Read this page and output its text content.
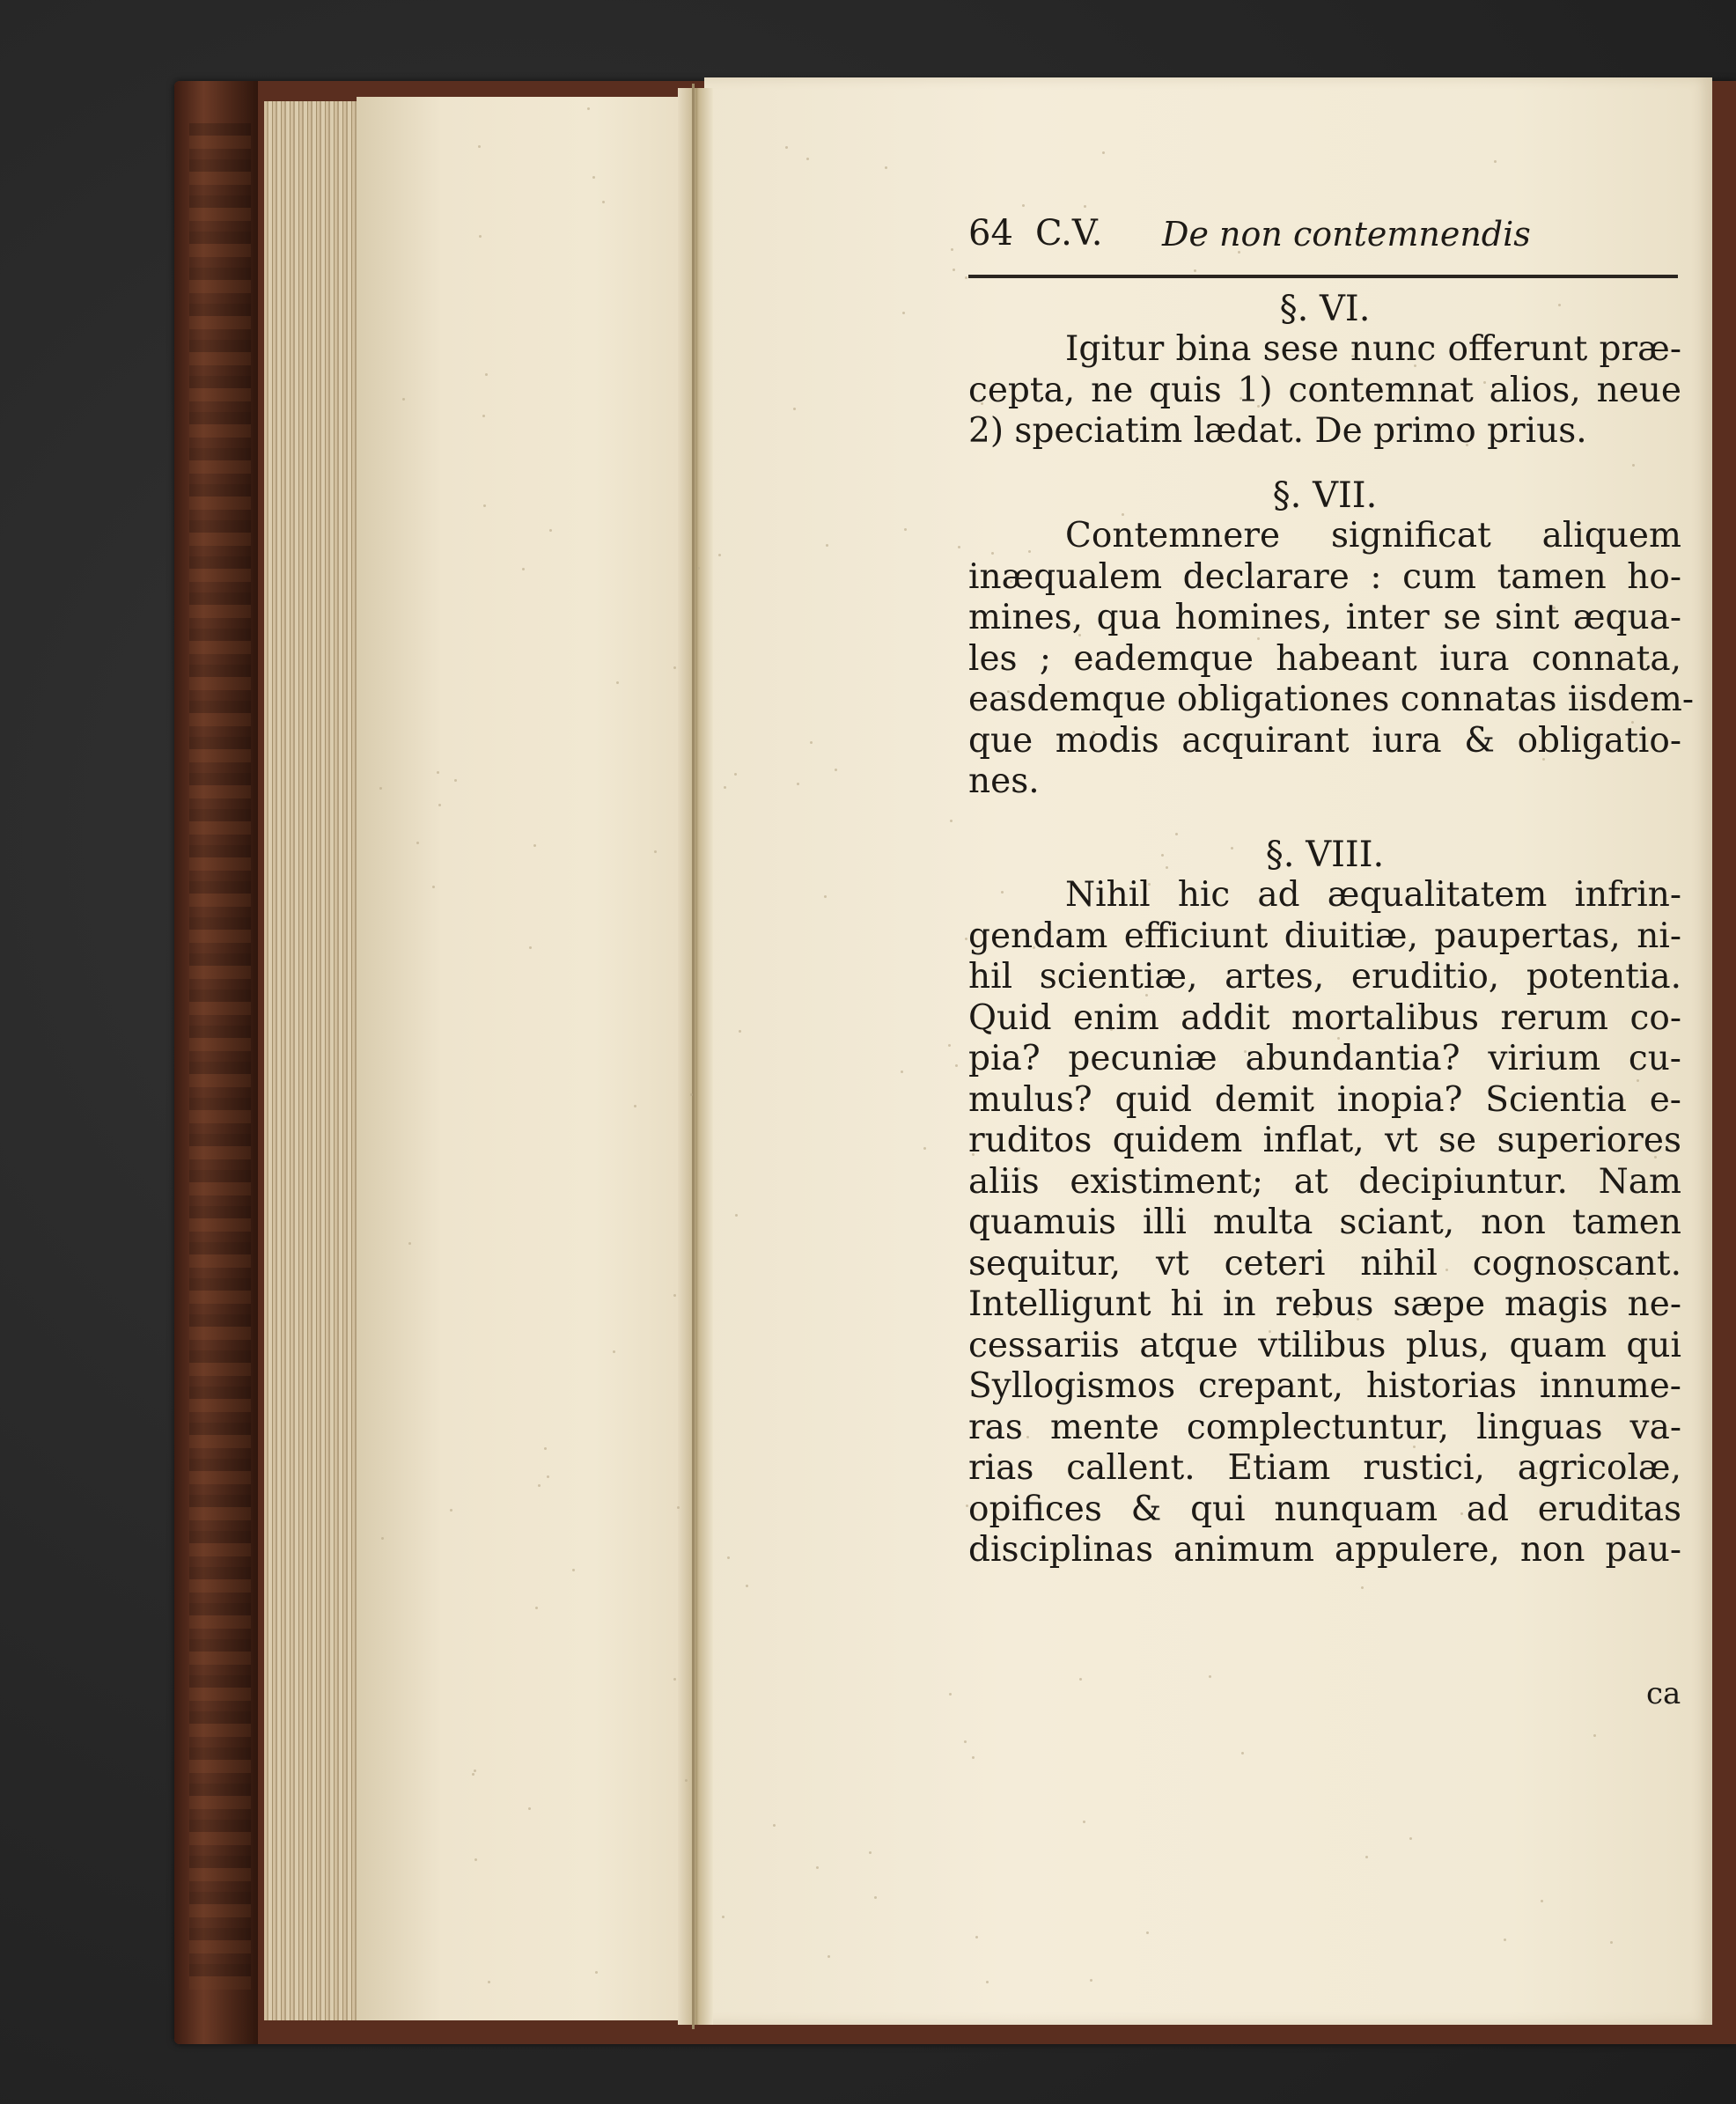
64 C.V. De non contemnendis
§. VI.
Igitur bina sese nunc offerunt præ-
cepta, ne quis 1) contemnat alios, neue
2) speciatim lædat. De primo prius.
§. VII.
Contemnere significat aliquem
inæqualem declarare : cum tamen ho-
mines, qua homines, inter se sint æqua-
les ; eademque habeant iura connata,
easdemque obligationes connatas iisdem-
que modis acquirant iura & obligatio-
nes.
§. VIII.
Nihil hic ad æqualitatem infrin-
gendam efficiunt diuitiæ, paupertas, ni-
hil scientiæ, artes, eruditio, potentia.
Quid enim addit mortalibus rerum co-
pia? pecuniæ abundantia? virium cu-
mulus? quid demit inopia? Scientia e-
ruditos quidem inflat, vt se superiores
aliis existiment; at decipiuntur. Nam
quamuis illi multa sciant, non tamen
sequitur, vt ceteri nihil cognoscant.
Intelligunt hi in rebus sæpe magis ne-
cessariis atque vtilibus plus, quam qui
Syllogismos crepant, historias innume-
ras mente complectuntur, linguas va-
rias callent. Etiam rustici, agricolæ,
opifices & qui nunquam ad eruditas
disciplinas animum appulere, non pau-
ca
